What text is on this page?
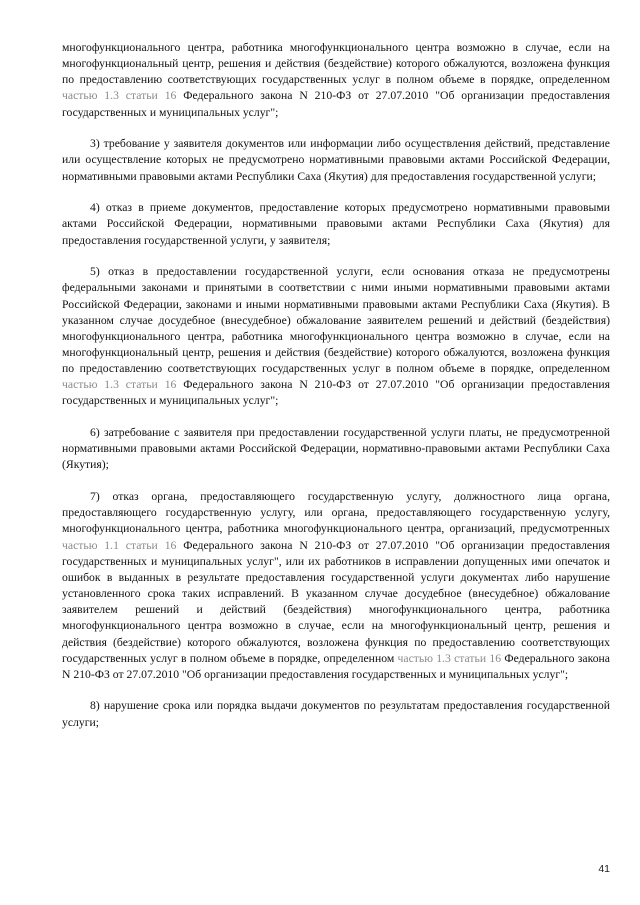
многофункционального центра, работника многофункционального центра возможно в случае, если на многофункциональный центр, решения и действия (бездействие) которого обжалуются, возложена функция по предоставлению соответствующих государственных услуг в полном объеме в порядке, определенном частью 1.3 статьи 16 Федерального закона N 210-ФЗ от 27.07.2010 "Об организации предоставления государственных и муниципальных услуг";

3) требование у заявителя документов или информации либо осуществления действий, представление или осуществление которых не предусмотрено нормативными правовыми актами Российской Федерации, нормативными правовыми актами Республики Саха (Якутия) для предоставления государственной услуги;

4) отказ в приеме документов, предоставление которых предусмотрено нормативными правовыми актами Российской Федерации, нормативными правовыми актами Республики Саха (Якутия) для предоставления государственной услуги, у заявителя;

5) отказ в предоставлении государственной услуги, если основания отказа не предусмотрены федеральными законами и принятыми в соответствии с ними иными нормативными правовыми актами Российской Федерации, законами и иными нормативными правовыми актами Республики Саха (Якутия). В указанном случае досудебное (внесудебное) обжалование заявителем решений и действий (бездействия) многофункционального центра, работника многофункционального центра возможно в случае, если на многофункциональный центр, решения и действия (бездействие) которого обжалуются, возложена функция по предоставлению соответствующих государственных услуг в полном объеме в порядке, определенном частью 1.3 статьи 16 Федерального закона N 210-ФЗ от 27.07.2010 "Об организации предоставления государственных и муниципальных услуг";

6) затребование с заявителя при предоставлении государственной услуги платы, не предусмотренной нормативными правовыми актами Российской Федерации, нормативно-правовыми актами Республики Саха (Якутия);

7) отказ органа, предоставляющего государственную услугу, должностного лица органа, предоставляющего государственную услугу, или органа, предоставляющего государственную услугу, многофункционального центра, работника многофункционального центра, организаций, предусмотренных частью 1.1 статьи 16 Федерального закона N 210-ФЗ от 27.07.2010 "Об организации предоставления государственных и муниципальных услуг", или их работников в исправлении допущенных ими опечаток и ошибок в выданных в результате предоставления государственной услуги документах либо нарушение установленного срока таких исправлений. В указанном случае досудебное (внесудебное) обжалование заявителем решений и действий (бездействия) многофункционального центра, работника многофункционального центра возможно в случае, если на многофункциональный центр, решения и действия (бездействие) которого обжалуются, возложена функция по предоставлению соответствующих государственных услуг в полном объеме в порядке, определенном частью 1.3 статьи 16 Федерального закона N 210-ФЗ от 27.07.2010 "Об организации предоставления государственных и муниципальных услуг";

8) нарушение срока или порядка выдачи документов по результатам предоставления государственной услуги;

41
